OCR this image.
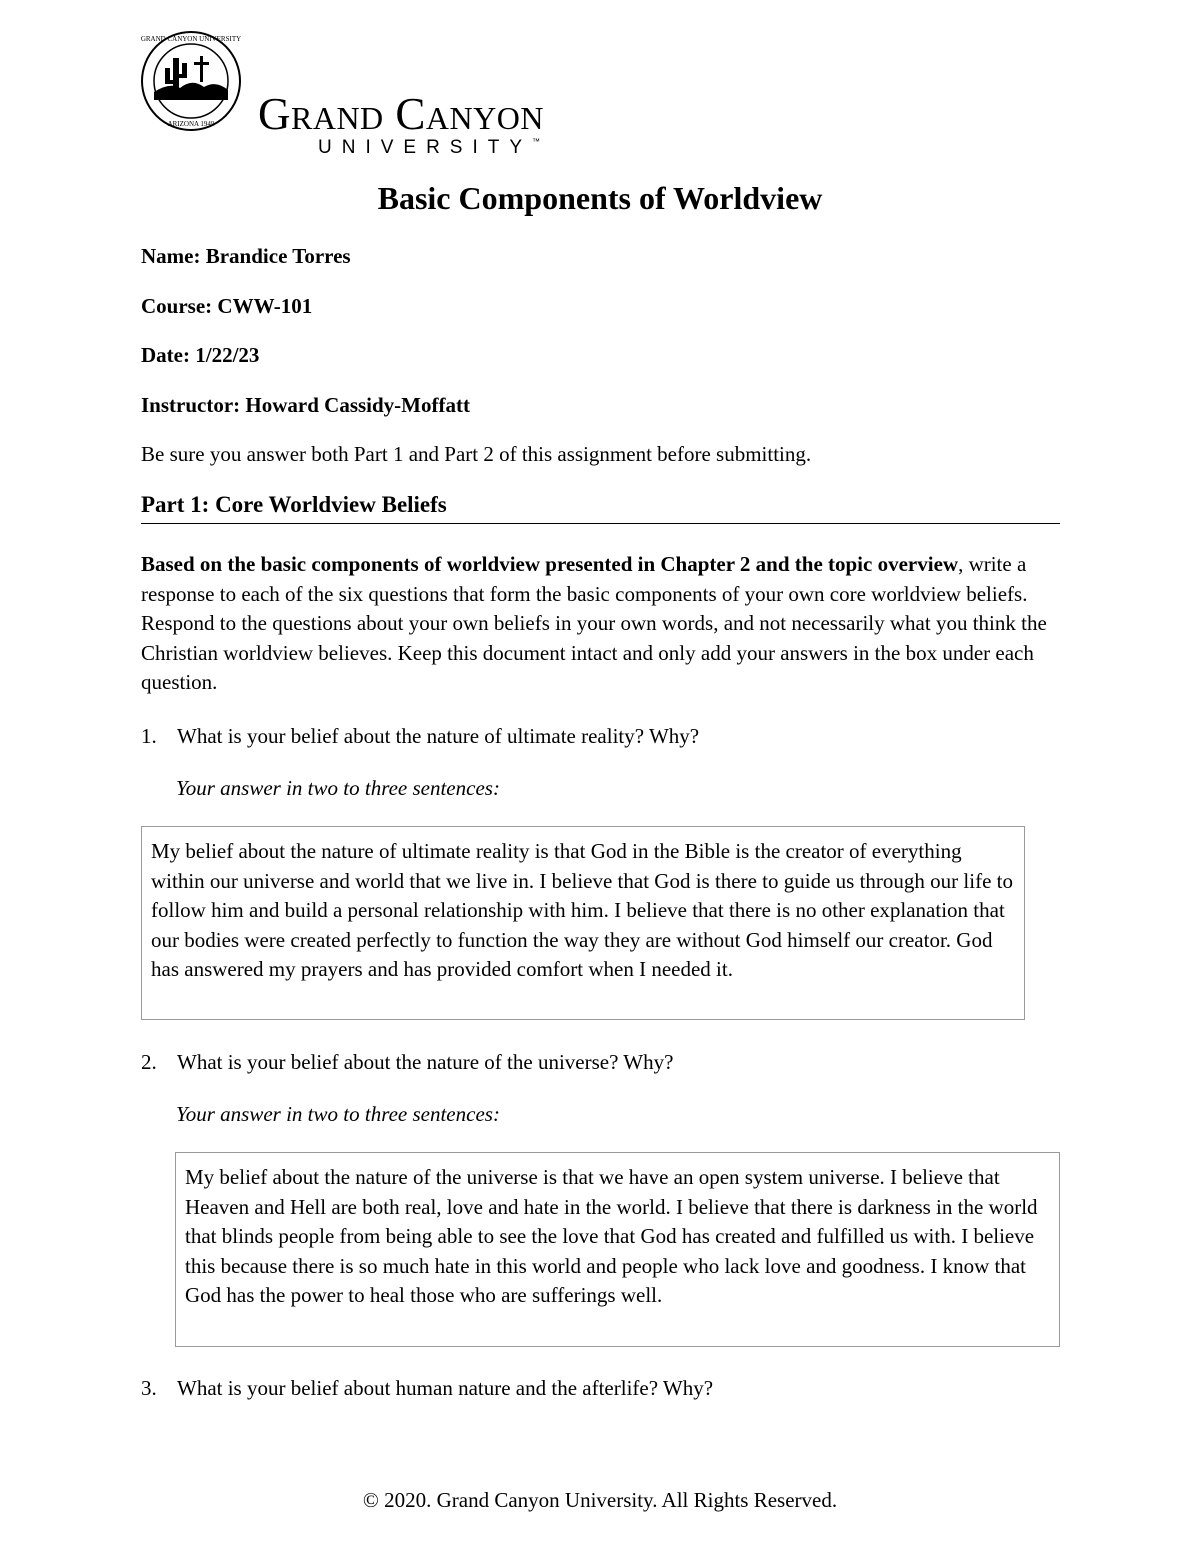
GRAND CANYON UNIVERSITY
ARIZONA 1949 Grand Canyon
UNIVERSITY™
Basic Components of Worldview
Name: Brandice Torres
Course: CWW-101
Date: 1/22/23
Instructor: Howard Cassidy-Moffatt
Be sure you answer both Part 1 and Part 2 of this assignment before submitting.
Part 1: Core Worldview Beliefs
Based on the basic components of worldview presented in Chapter 2 and the topic overview, write a response to each of the six questions that form the basic components of your own core worldview beliefs. Respond to the questions about your own beliefs in your own words, and not necessarily what you think the Christian worldview believes. Keep this document intact and only add your answers in the box under each question.
1. What is your belief about the nature of ultimate reality? Why?
Your answer in two to three sentences:
My belief about the nature of ultimate reality is that God in the Bible is the creator of everything within our universe and world that we live in. I believe that God is there to guide us through our life to follow him and build a personal relationship with him. I believe that there is no other explanation that our bodies were created perfectly to function the way they are without God himself our creator. God has answered my prayers and has provided comfort when I needed it.
2. What is your belief about the nature of the universe? Why?
Your answer in two to three sentences:
My belief about the nature of the universe is that we have an open system universe. I believe that Heaven and Hell are both real, love and hate in the world. I believe that there is darkness in the world that blinds people from being able to see the love that God has created and fulfilled us with. I believe this because there is so much hate in this world and people who lack love and goodness. I know that God has the power to heal those who are sufferings well.
3. What is your belief about human nature and the afterlife? Why?
© 2020. Grand Canyon University. All Rights Reserved.
